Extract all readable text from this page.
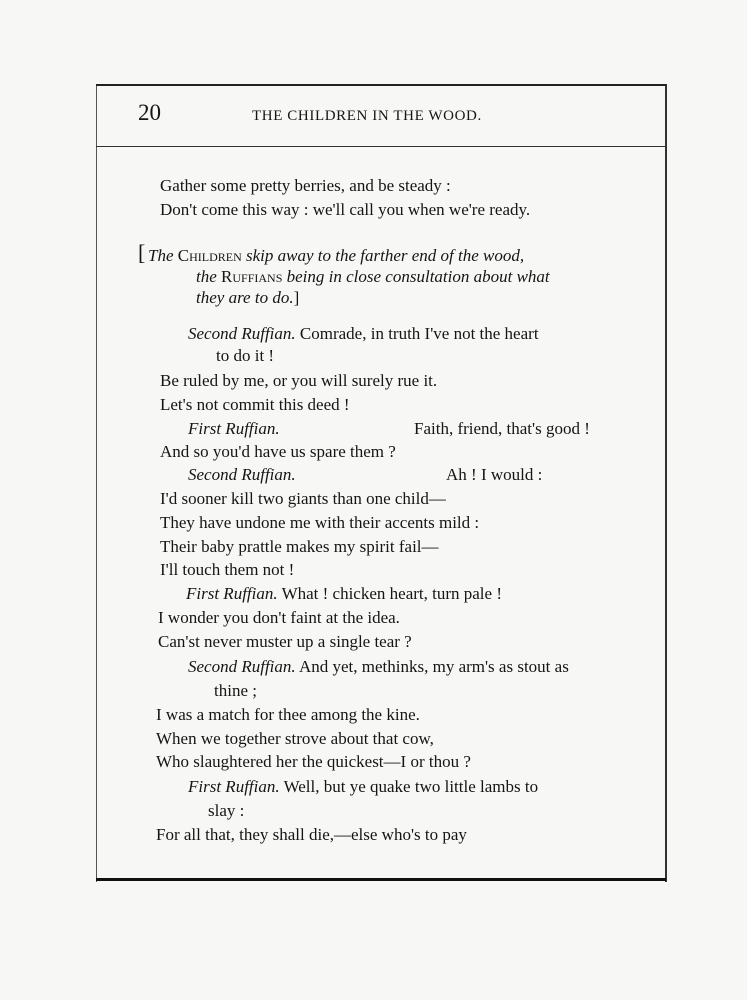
20	THE CHILDREN IN THE WOOD.
Gather some pretty berries, and be steady :
Don't come this way : we'll call you when we're ready.
[ The Children skip away to the farther end of the wood,
the Ruffians being in close consultation about what
they are to do.]
Second Ruffian. Comrade, in truth I've not the heart
to do it !
Be ruled by me, or you will surely rue it.
Let's not commit this deed !
First Ruffian.	Faith, friend, that's good !
And so you'd have us spare them ?
Second Ruffian.	Ah ! I would :
I'd sooner kill two giants than one child—
They have undone me with their accents mild :
Their baby prattle makes my spirit fail—
I'll touch them not !
First Ruffian. What ! chicken heart, turn pale !
I wonder you don't faint at the idea.
Can'st never muster up a single tear ?
Second Ruffian. And yet, methinks, my arm's as stout as
thine ;
I was a match for thee among the kine.
When we together strove about that cow,
Who slaughtered her the quickest—I or thou ?
First Ruffian. Well, but ye quake two little lambs to
slay :
For all that, they shall die,—else who's to pay
